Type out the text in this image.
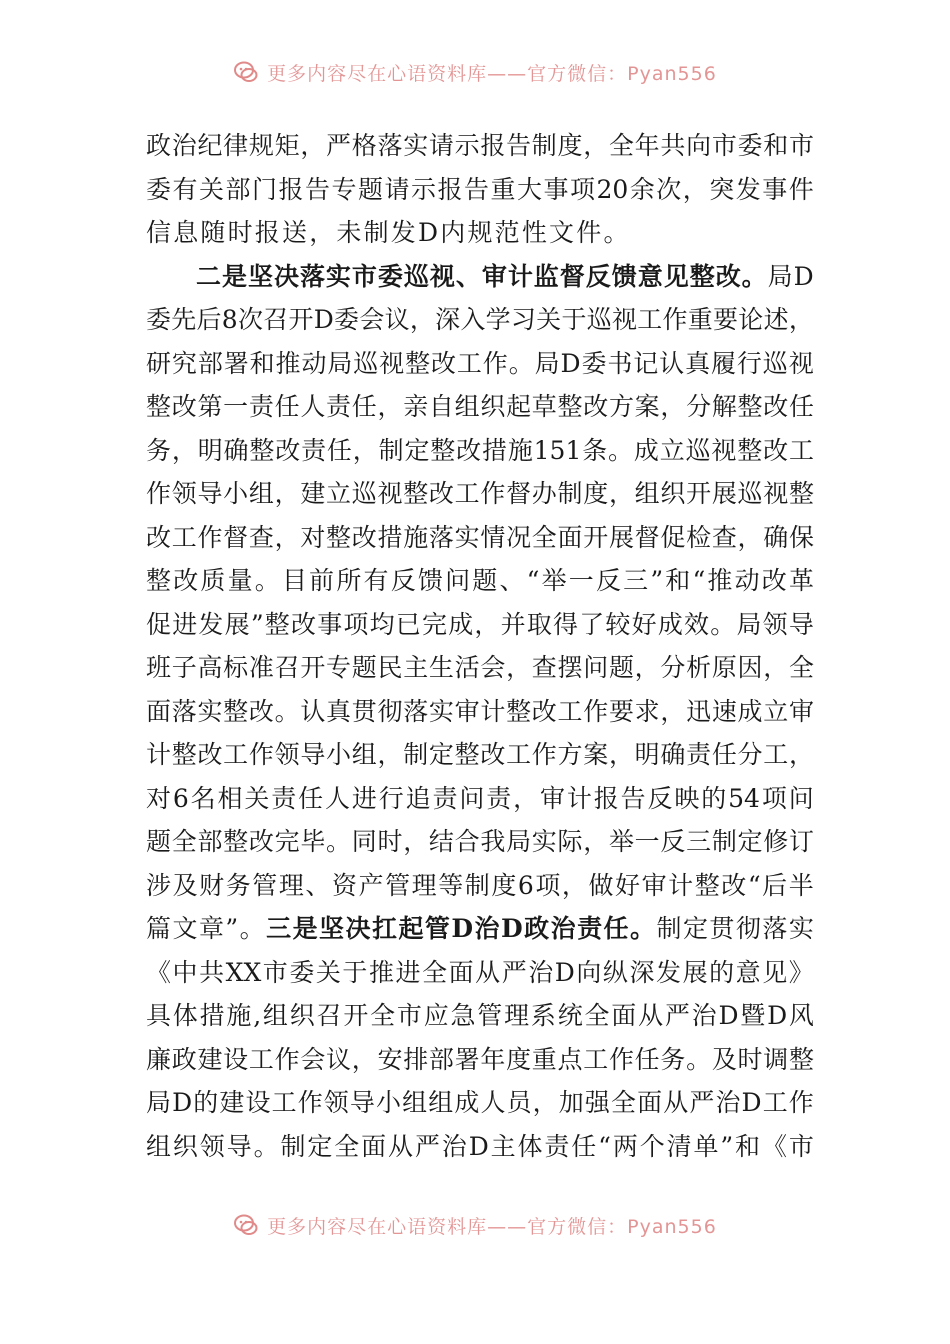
更多内容尽在心语资料库——官方微信：Pyan556
政 治 纪 律 规 矩 ， 严 格 落 实 请 示 报 告 制 度 ， 全 年 共 向 市 委 和 市
委 有 关 部 门 报 告 专 题 请 示 报 告 重 大 事 项 20 余 次 ， 突 发 事 件
信息随时报送，未制发D内规范性文件。
二 是 坚 决 落 实 市 委 巡 视 、 审 计 监 督 反 馈 意 见 整 改 。 局 D
委 先 后 8 次 召 开 D 委 会 议 ， 深 入 学 习 关 于 巡 视 工 作 重 要 论 述 ，
研 究 部 署 和 推 动 局 巡 视 整 改 工 作 。 局 D 委 书 记 认 真 履 行 巡 视
整 改 第 一 责 任 人 责 任 ， 亲 自 组 织 起 草 整 改 方 案 ， 分 解 整 改 任
务 ， 明 确 整 改 责 任 ， 制 定 整 改 措 施 151 条 。 成 立 巡 视 整 改 工
作 领 导 小 组 ， 建 立 巡 视 整 改 工 作 督 办 制 度 ， 组 织 开 展 巡 视 整
改 工 作 督 查 ， 对 整 改 措 施 落 实 情 况 全 面 开 展 督 促 检 查 ， 确 保
整 改 质 量 。 目 前 所 有 反 馈 问 题 、 “ 举 一 反 三 ” 和 “ 推 动 改 革
促 进 发 展 ” 整 改 事 项 均 已 完 成 ， 并 取 得 了 较 好 成 效 。 局 领 导
班 子 高 标 准 召 开 专 题 民 主 生 活 会 ， 查 摆 问 题 ， 分 析 原 因 ， 全
面 落 实 整 改 。 认 真 贯 彻 落 实 审 计 整 改 工 作 要 求 ， 迅 速 成 立 审
计 整 改 工 作 领 导 小 组 ， 制 定 整 改 工 作 方 案 ， 明 确 责 任 分 工 ，
对 6 名 相 关 责 任 人 进 行 追 责 问 责 ， 审 计 报 告 反 映 的 54 项 问
题 全 部 整 改 完 毕 。 同 时 ， 结 合 我 局 实 际 ， 举 一 反 三 制 定 修 订
涉 及 财 务 管 理 、 资 产 管 理 等 制 度 6 项 ， 做 好 审 计 整 改 “ 后 半
篇 文 章 ” 。 三 是 坚 决 扛 起 管 D 治 D 政 治 责 任 。 制 定 贯 彻 落 实
《 中 共 XX 市 委 关 于 推 进 全 面 从 严 治 D 向 纵 深 发 展 的 意 见 》
具 体 措 施 , 组 织 召 开 全 市 应 急 管 理 系 统 全 面 从 严 治 D 暨 D 风
廉 政 建 设 工 作 会 议 ， 安 排 部 署 年 度 重 点 工 作 任 务 。 及 时 调 整
局 D 的 建 设 工 作 领 导 小 组 组 成 人 员 ， 加 强 全 面 从 严 治 D 工 作
组 织 领 导 。 制 定 全 面 从 严 治 D 主 体 责 任 “ 两 个 清 单 ” 和 《 市
更多内容尽在心语资料库——官方微信：Pyan556
